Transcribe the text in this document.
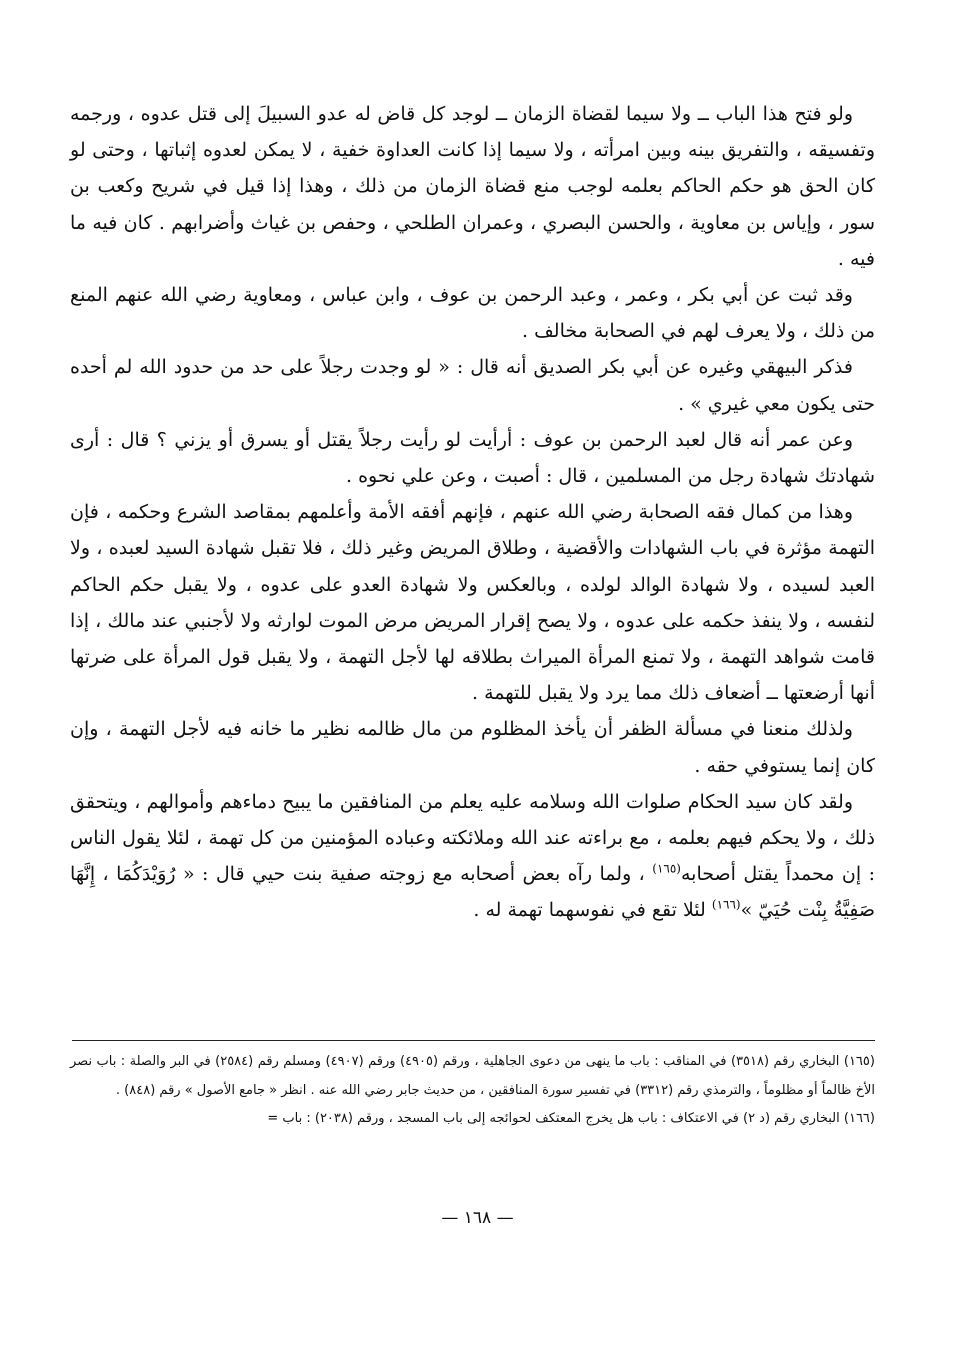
ولو فتح هذا الباب ــ ولا سيما لقضاة الزمان ــ لوجد كل قاض له عدو السبيلَ إلى قتل عدوه ، ورجمه وتفسيقه ، والتفريق بينه وبين امرأته ، ولا سيما إذا كانت العداوة خفية ، لا يمكن لعدوه إثباتها ، وحتى لو كان الحق هو حكم الحاكم بعلمه لوجب منع قضاة الزمان من ذلك ، وهذا إذا قيل في شريح وكعب بن سور ، وإياس بن معاوية ، والحسن البصري ، وعمران الطلحي ، وحفص بن غياث وأضرابهم . كان فيه ما فيه .

وقد ثبت عن أبي بكر ، وعمر ، وعبد الرحمن بن عوف ، وابن عباس ، ومعاوية رضي الله عنهم المنع من ذلك ، ولا يعرف لهم في الصحابة مخالف .

فذكر البيهقي وغيره عن أبي بكر الصديق أنه قال : « لو وجدت رجلاً على حد من حدود الله لم أحده حتى يكون معي غيري » .

وعن عمر أنه قال لعبد الرحمن بن عوف : أرأيت لو رأيت رجلاً يقتل أو يسرق أو يزني ؟ قال : أرى شهادتك شهادة رجل من المسلمين ، قال : أصبت ، وعن علي نحوه .

وهذا من كمال فقه الصحابة رضي الله عنهم ، فإنهم أفقه الأمة وأعلمهم بمقاصد الشرع وحكمه ، فإن التهمة مؤثرة في باب الشهادات والأقضية ، وطلاق المريض وغير ذلك ، فلا تقبل شهادة السيد لعبده ، ولا العبد لسيده ، ولا شهادة الوالد لولده ، وبالعكس ولا شهادة العدو على عدوه ، ولا يقبل حكم الحاكم لنفسه ، ولا ينفذ حكمه على عدوه ، ولا يصح إقرار المريض مرض الموت لوارثه ولا لأجنبي عند مالك ، إذا قامت شواهد التهمة ، ولا تمنع المرأة الميراث بطلاقه لها لأجل التهمة ، ولا يقبل قول المرأة على ضرتها أنها أرضعتها ــ أضعاف ذلك مما يرد ولا يقبل للتهمة .

ولذلك منعنا في مسألة الظفر أن يأخذ المظلوم من مال ظالمه نظير ما خانه فيه لأجل التهمة ، وإن كان إنما يستوفي حقه .

ولقد كان سيد الحكام صلوات الله وسلامه عليه يعلم من المنافقين ما يبيح دماءهم وأموالهم ، ويتحقق ذلك ، ولا يحكم فيهم بعلمه ، مع براءته عند الله وملائكته وعباده المؤمنين من كل تهمة ، لئلا يقول الناس : إن محمداً يقتل أصحابه$^{(١٦٥)}$ ، ولما رآه بعض أصحابه مع زوجته صفية بنت حيي قال : « رُوَيْدَكُمَا ، إِنَّهَا صَفِيَّةُ بِنْت حُيَيّ »$^{(١٦٦)}$ لئلا تقع في نفوسهما تهمة له .

(١٦٥) البخاري رقم (٣٥١٨) في المناقب : باب ما ينهى من دعوى الجاهلية ، ورقم (٤٩٠٥) ورقم (٤٩٠٧) ومسلم رقم (٢٥٨٤) في البر والصلة : باب نصر الأخ ظالماً أو مظلوماً ، والترمذي رقم (٣٣١٢) في تفسير سورة المنافقين ، من حديث جابر رضي الله عنه . انظر « جامع الأصول » رقم (٨٤٨) .

(١٦٦) البخاري رقم (د ٢) في الاعتكاف : باب هل يخرج المعتكف لحوائجه إلى باب المسجد ، ورقم (٢٠٣٨) : باب =

— ١٦٨ —
